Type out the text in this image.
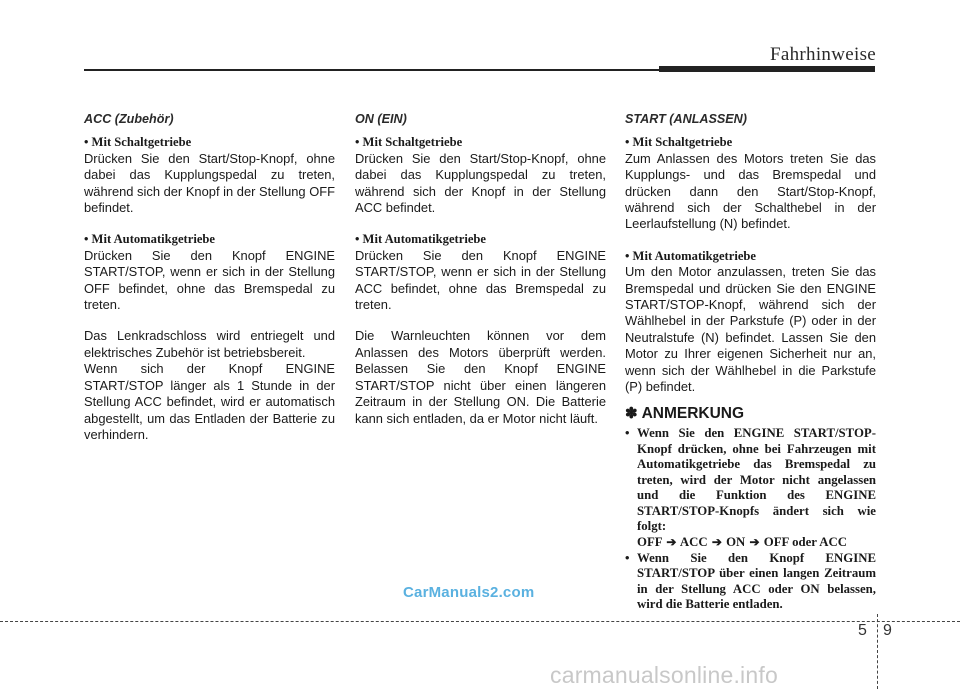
Fahrhinweise
ACC (Zubehör)
• Mit Schaltgetriebe

Drücken Sie den Start/Stop-Knopf, ohne dabei das Kupplungspedal zu treten, während sich der Knopf in der Stellung OFF befindet.

• Mit Automatikgetriebe

Drücken Sie den Knopf ENGINE START/STOP, wenn er sich in der Stellung OFF befindet, ohne das Bremspedal zu treten.

Das Lenkradschloss wird entriegelt und elektrisches Zubehör ist betriebsbereit.

Wenn sich der Knopf ENGINE START/STOP länger als 1 Stunde in der Stellung ACC befindet, wird er automatisch abgestellt, um das Entladen der Batterie zu verhindern.

ON (EIN)
• Mit Schaltgetriebe

Drücken Sie den Start/Stop-Knopf, ohne dabei das Kupplungspedal zu treten, während sich der Knopf in der Stellung ACC befindet.

• Mit Automatikgetriebe

Drücken Sie den Knopf ENGINE START/STOP, wenn er sich in der Stellung ACC befindet, ohne das Bremspedal zu treten.

Die Warnleuchten können vor dem Anlassen des Motors überprüft werden. Belassen Sie den Knopf ENGINE START/STOP nicht über einen längeren Zeitraum in der Stellung ON. Die Batterie kann sich entladen, da er Motor nicht läuft.

START (ANLASSEN)
• Mit Schaltgetriebe

Zum Anlassen des Motors treten Sie das Kupplungs- und das Bremspedal und drücken dann den Start/Stop-Knopf, während sich der Schalthebel in der Leerlaufstellung (N) befindet.

• Mit Automatikgetriebe

Um den Motor anzulassen, treten Sie das Bremspedal und drücken Sie den ENGINE START/STOP-Knopf, während sich der Wählhebel in der Parkstufe (P) oder in der Neutralstufe (N) befindet. Lassen Sie den Motor zu Ihrer eigenen Sicherheit nur an, wenn sich der Wählhebel in die Parkstufe (P) befindet.

✽ ANMERKUNG
• Wenn Sie den ENGINE START/STOP-Knopf drücken, ohne bei Fahrzeugen mit Automatikgetriebe das Bremspedal zu treten, wird der Motor nicht angelassen und die Funktion des ENGINE START/STOP-Knopfs ändert sich wie folgt:
OFF ➔ ACC ➔ ON ➔ OFF oder ACC
• Wenn Sie den Knopf ENGINE START/STOP über einen langen Zeitraum in der Stellung ACC oder ON belassen, wird die Batterie entladen.
CarManuals2.com
5 9
carmanualsonline.info
